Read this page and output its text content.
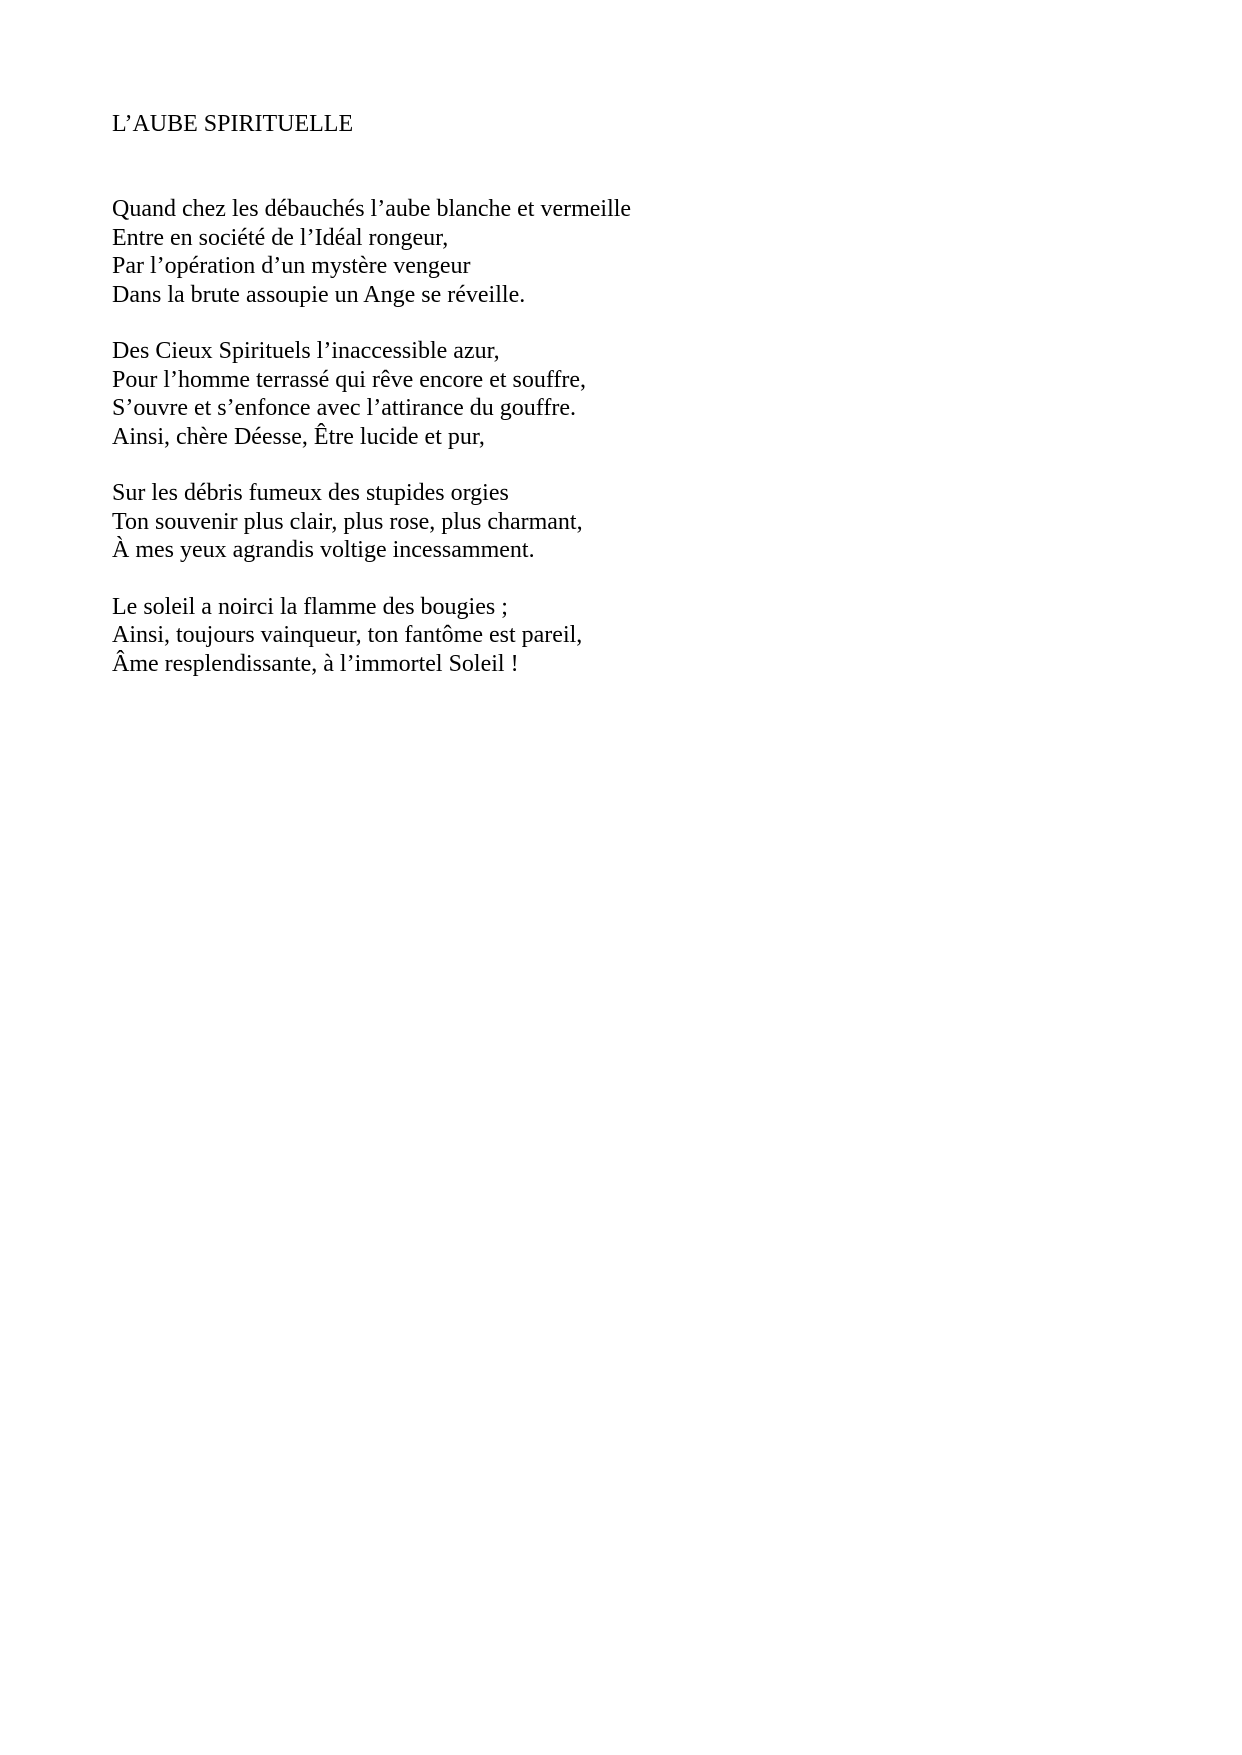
L’AUBE SPIRITUELLE
Quand chez les débauchés l’aube blanche et vermeille
Entre en société de l’Idéal rongeur,
Par l’opération d’un mystère vengeur
Dans la brute assoupie un Ange se réveille.
Des Cieux Spirituels l’inaccessible azur,
Pour l’homme terrassé qui rêve encore et souffre,
S’ouvre et s’enfonce avec l’attirance du gouffre.
Ainsi, chère Déesse, Être lucide et pur,
Sur les débris fumeux des stupides orgies
Ton souvenir plus clair, plus rose, plus charmant,
À mes yeux agrandis voltige incessamment.
Le soleil a noirci la flamme des bougies ;
Ainsi, toujours vainqueur, ton fantôme est pareil,
Âme resplendissante, à l’immortel Soleil !
